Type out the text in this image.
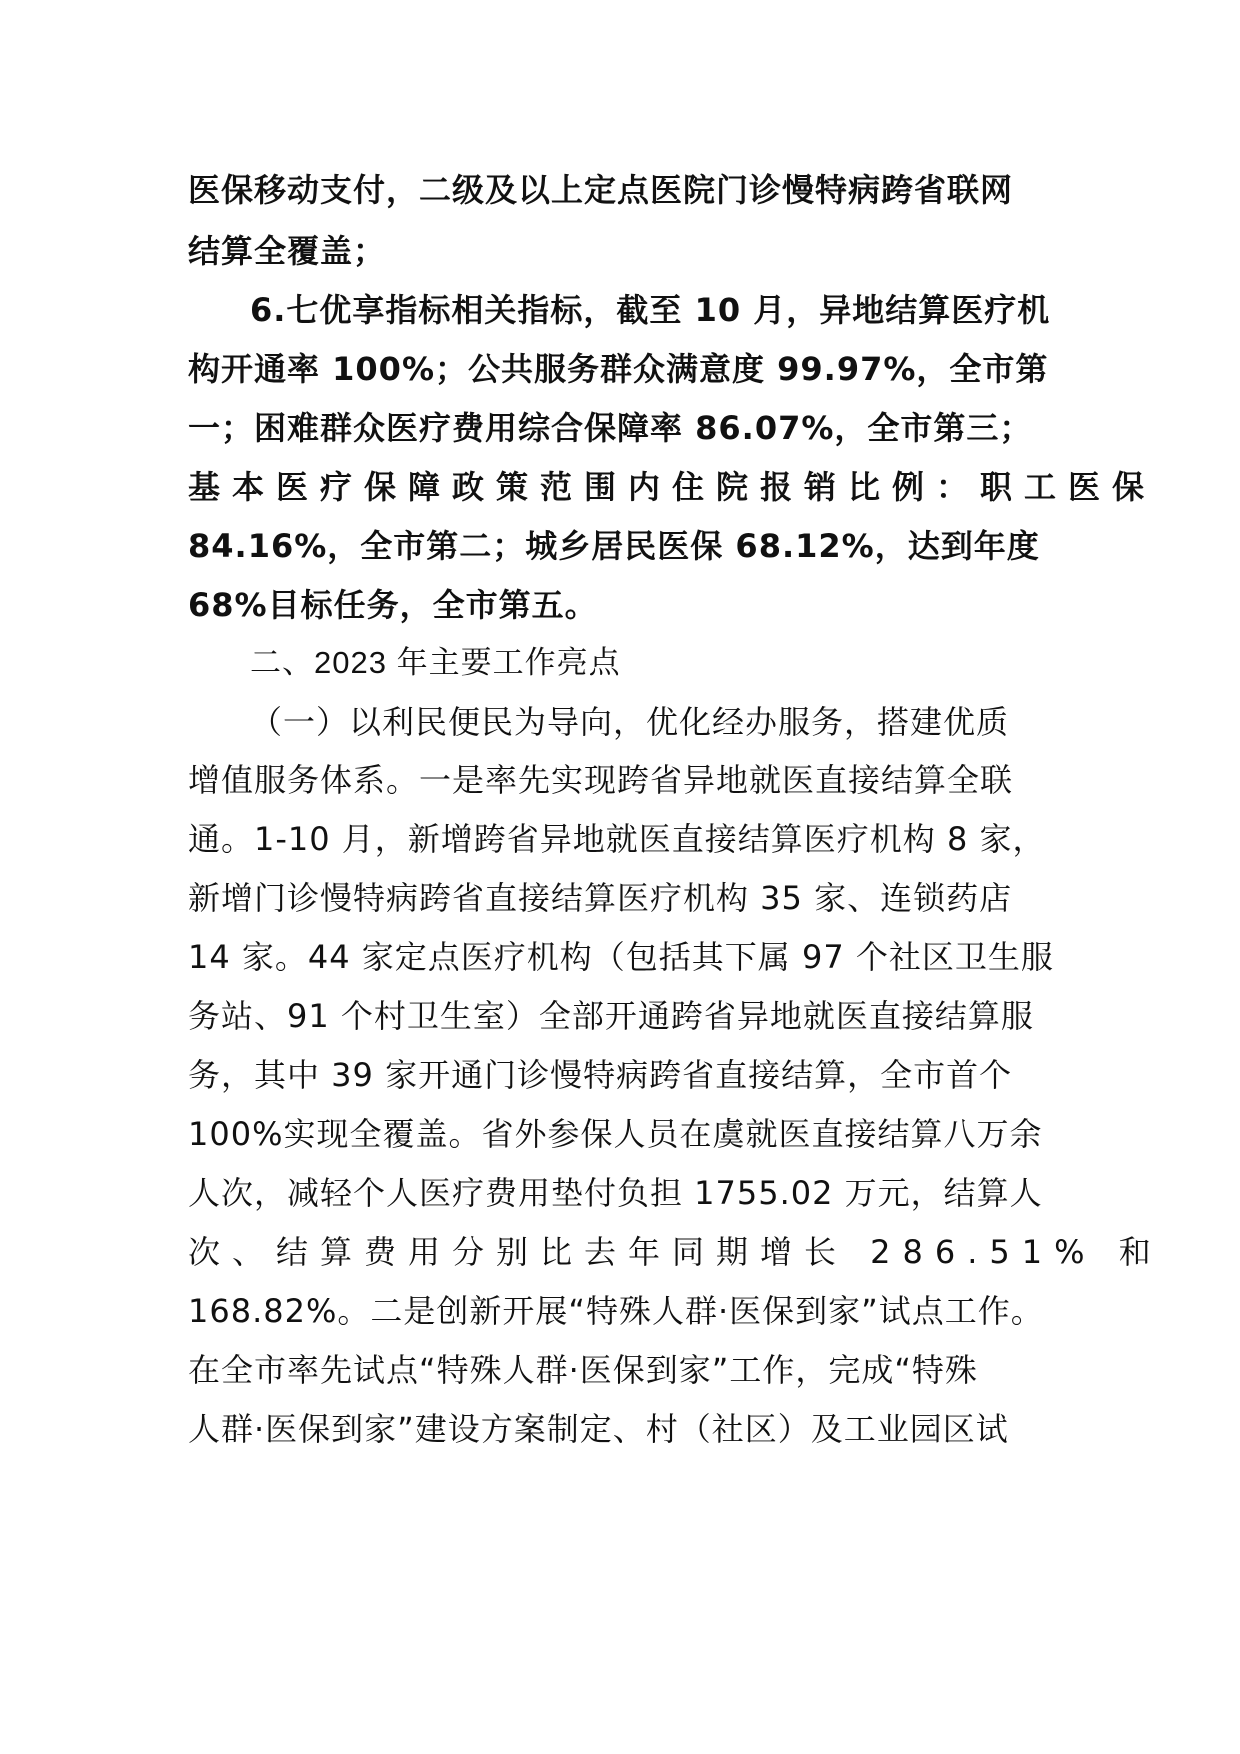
医保移动支付，二级及以上定点医院门诊慢特病跨省联网
结算全覆盖；
6.七优享指标相关指标，截至 10 月，异地结算医疗机
构开通率 100%；公共服务群众满意度 99.97%，全市第
一；困难群众医疗费用综合保障率 86.07%，全市第三；
基本医疗保障政策范围内住院报销比例：职工医保
84.16%，全市第二；城乡居民医保 68.12%，达到年度
68%目标任务，全市第五。
二、2023 年主要工作亮点
（一）以利民便民为导向，优化经办服务，搭建优质
增值服务体系。一是率先实现跨省异地就医直接结算全联
通。1-10 月，新增跨省异地就医直接结算医疗机构 8 家，
新增门诊慢特病跨省直接结算医疗机构 35 家、连锁药店
14 家。44 家定点医疗机构（包括其下属 97 个社区卫生服
务站、91 个村卫生室）全部开通跨省异地就医直接结算服
务，其中 39 家开通门诊慢特病跨省直接结算，全市首个
100%实现全覆盖。省外参保人员在虞就医直接结算八万余
人次，减轻个人医疗费用垫付负担 1755.02 万元，结算人
次、结算费用分别比去年同期增长 286.51% 和
168.82%。二是创新开展“特殊人群·医保到家”试点工作。
在全市率先试点“特殊人群·医保到家”工作，完成“特殊
人群·医保到家”建设方案制定、村（社区）及工业园区试
